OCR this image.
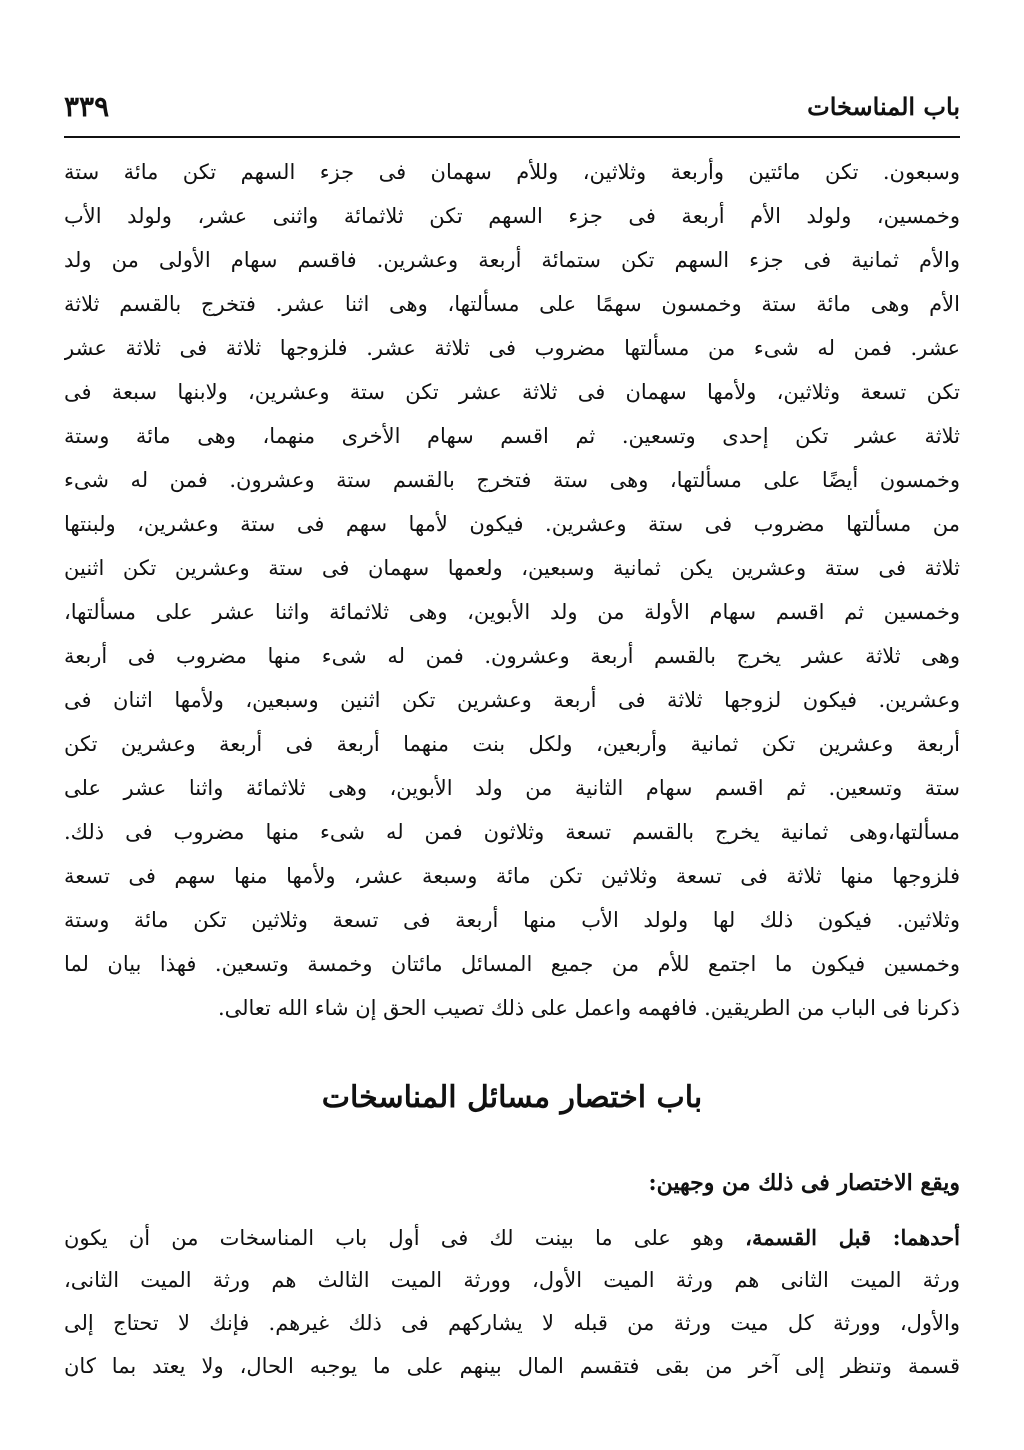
باب المناسخات
٣٣٩
وسبعون. تكن مائتين وأربعة وثلاثين، وللأم سهمان فى جزء السهم تكن مائة ستة
وخمسين، ولولد الأم أربعة فى جزء السهم تكن ثلاثمائة واثنى عشر، ولولد الأب
والأم ثمانية فى جزء السهم تكن ستمائة أربعة وعشرين. فاقسم سهام الأولى من ولد
الأم وهى مائة ستة وخمسون سهمًا على مسألتها، وهى اثنا عشر. فتخرج بالقسم ثلاثة
عشر. فمن له شىء من مسألتها مضروب فى ثلاثة عشر. فلزوجها ثلاثة فى ثلاثة عشر
تكن تسعة وثلاثين، ولأمها سهمان فى ثلاثة عشر تكن ستة وعشرين، ولابنها سبعة فى
ثلاثة عشر تكن إحدى وتسعين. ثم اقسم سهام الأخرى منهما، وهى مائة وستة
وخمسون أيضًا على مسألتها، وهى ستة فتخرج بالقسم ستة وعشرون. فمن له شىء
من مسألتها مضروب فى ستة وعشرين. فيكون لأمها سهم فى ستة وعشرين، ولبنتها
ثلاثة فى ستة وعشرين يكن ثمانية وسبعين، ولعمها سهمان فى ستة وعشرين تكن اثنين
وخمسين ثم اقسم سهام الأولة من ولد الأبوين، وهى ثلاثمائة واثنا عشر على مسألتها،
وهى ثلاثة عشر يخرج بالقسم أربعة وعشرون. فمن له شىء منها مضروب فى أربعة
وعشرين. فيكون لزوجها ثلاثة فى أربعة وعشرين تكن اثنين وسبعين، ولأمها اثنان فى
أربعة وعشرين تكن ثمانية وأربعين، ولكل بنت منهما أربعة فى أربعة وعشرين تكن
ستة وتسعين. ثم اقسم سهام الثانية من ولد الأبوين، وهى ثلاثمائة واثنا عشر على
مسألتها،وهى ثمانية يخرج بالقسم تسعة وثلاثون فمن له شىء منها مضروب فى ذلك.
فلزوجها منها ثلاثة فى تسعة وثلاثين تكن مائة وسبعة عشر، ولأمها منها سهم فى تسعة
وثلاثين. فيكون ذلك لها ولولد الأب منها أربعة فى تسعة وثلاثين تكن مائة وستة
وخمسين فيكون ما اجتمع للأم من جميع المسائل مائتان وخمسة وتسعين. فهذا بيان لما
ذكرنا فى الباب من الطريقين. فافهمه واعمل على ذلك تصيب الحق إن شاء الله تعالى.
باب اختصار مسائل المناسخات
ويقع الاختصار فى ذلك من وجهين:
أحدهما: قبل القسمة، وهو على ما بينت لك فى أول باب المناسخات من أن يكون
ورثة الميت الثانى هم ورثة الميت الأول، وورثة الميت الثالث هم ورثة الميت الثانى،
والأول، وورثة كل ميت ورثة من قبله لا يشاركهم فى ذلك غيرهم. فإنك لا تحتاج إلى
قسمة وتنظر إلى آخر من بقى فتقسم المال بينهم على ما يوجبه الحال، ولا يعتد بما كان
